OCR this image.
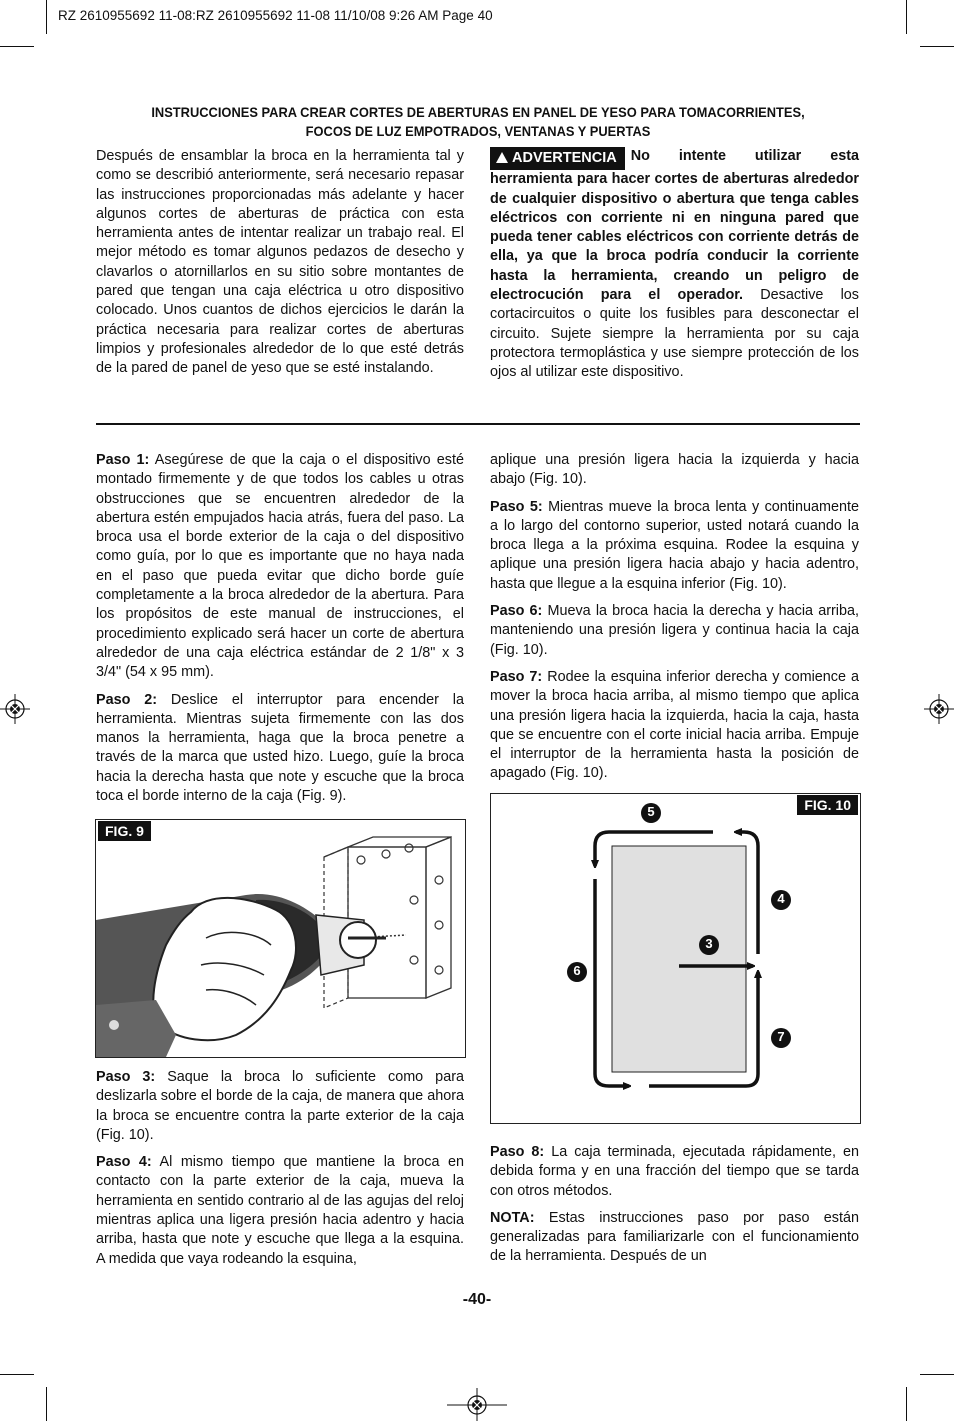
RZ 2610955692 11-08:RZ 2610955692 11-08 11/10/08 9:26 AM Page 40
INSTRUCCIONES PARA CREAR CORTES DE ABERTURAS EN PANEL DE YESO PARA TOMACORRIENTES,
FOCOS DE LUZ EMPOTRADOS, VENTANAS Y PUERTAS

Después de ensamblar la broca en la herramienta tal y como se describió anteriormente, será necesario repasar las instrucciones proporcionadas más adelante y hacer algunos cortes de aberturas de práctica con esta herramienta antes de intentar realizar un trabajo real. El mejor método es tomar algunos pedazos de desecho y clavarlos o atornillarlos en su sitio sobre montantes de pared que tengan una caja eléctrica u otro dispositivo colocado. Unos cuantos de dichos ejercicios le darán la práctica necesaria para realizar cortes de aberturas limpios y profesionales alrededor de lo que esté detrás de la pared de panel de yeso que se esté instalando.

ADVERTENCIA No intente utilizar esta herramienta para hacer cortes de aberturas alrededor de cualquier dispositivo o abertura que tenga cables eléctricos con corriente ni en ninguna pared que pueda tener cables eléctricos con corriente detrás de ella, ya que la broca podría conducir la corriente hasta la herramienta, creando un peligro de electrocución para el operador. Desactive los cortacircuitos o quite los fusibles para desconectar el circuito. Sujete siempre la herramienta por su caja protectora termoplástica y use siempre protección de los ojos al utilizar este dispositivo.

Paso 1: Asegúrese de que la caja o el dispositivo esté montado firmemente y de que todos los cables u otras obstrucciones que se encuentren alrededor de la abertura estén empujados hacia atrás, fuera del paso. La broca usa el borde exterior de la caja o del dispositivo como guía, por lo que es importante que no haya nada en el paso que pueda evitar que dicho borde guíe completamente a la broca alrededor de la abertura. Para los propósitos de este manual de instrucciones, el procedimiento explicado será hacer un corte de abertura alrededor de una caja eléctrica estándar de 2 1/8" x 3 3/4" (54 x 95 mm).

Paso 2: Deslice el interruptor para encender la herramienta. Mientras sujeta firmemente con las dos manos la herramienta, haga que la broca penetre a través de la marca que usted hizo. Luego, guíe la broca hacia la derecha hasta que note y escuche que la broca toca el borde interno de la caja (Fig. 9).

FIG. 9

Paso 3: Saque la broca lo suficiente como para deslizarla sobre el borde de la caja, de manera que ahora la broca se encuentre contra la parte exterior de la caja (Fig. 10).

Paso 4: Al mismo tiempo que mantiene la broca en contacto con la parte exterior de la caja, mueva la herramienta en sentido contrario al de las agujas del reloj mientras aplica una ligera presión hacia adentro y hacia arriba, hasta que note y escuche que llega a la esquina. A medida que vaya rodeando la esquina,

aplique una presión ligera hacia la izquierda y hacia abajo (Fig. 10).

Paso 5: Mientras mueve la broca lenta y continuamente a lo largo del contorno superior, usted notará cuando la broca llega a la próxima esquina. Rodee la esquina y aplique una presión ligera hacia abajo y hacia adentro, hasta que llegue a la esquina inferior (Fig. 10).

Paso 6: Mueva la broca hacia la derecha y hacia arriba, manteniendo una presión ligera y continua hacia la caja (Fig. 10).

Paso 7: Rodee la esquina inferior derecha y comience a mover la broca hacia arriba, al mismo tiempo que aplica una presión ligera hacia la izquierda, hacia la caja, hasta que se encuentre con el corte inicial hacia arriba. Empuje el interruptor de la herramienta hasta la posición de apagado (Fig. 10).

FIG. 10
5
4
3
6
7

Paso 8: La caja terminada, ejecutada rápidamente, en debida forma y en una fracción del tiempo que se tarda con otros métodos.

NOTA: Estas instrucciones paso por paso están generalizadas para familiarizarle con el funcionamiento de la herramienta. Después de un

-40-
